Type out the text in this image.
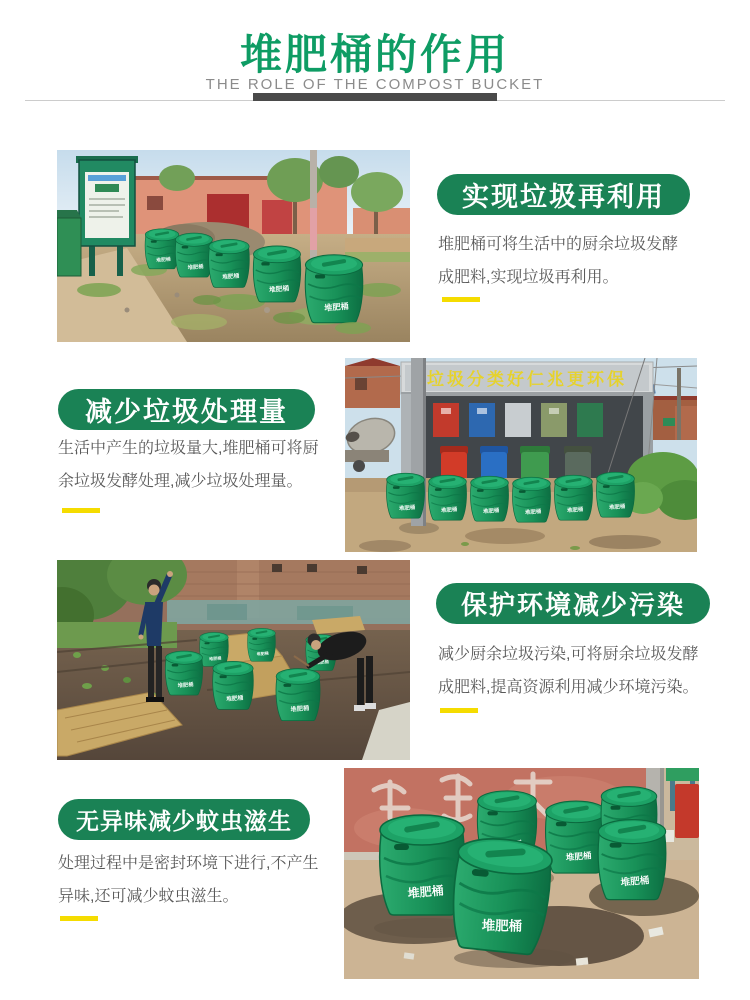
堆肥桶的作用
THE ROLE OF THE COMPOST BUCKET
实现垃圾再利用
堆肥桶可将生活中的厨余垃圾发酵
成肥料,实现垃圾再利用。
减少垃圾处理量
生活中产生的垃圾量大,堆肥桶可将厨
余垃圾发酵处理,减少垃圾处理量。
垃圾分类好仁兆更环保
保护环境减少污染
减少厨余垃圾污染,可将厨余垃圾发酵
成肥料,提高资源利用减少环境污染。
无异味减少蚊虫滋生
处理过程中是密封环境下进行,不产生
异味,还可减少蚊虫滋生。
